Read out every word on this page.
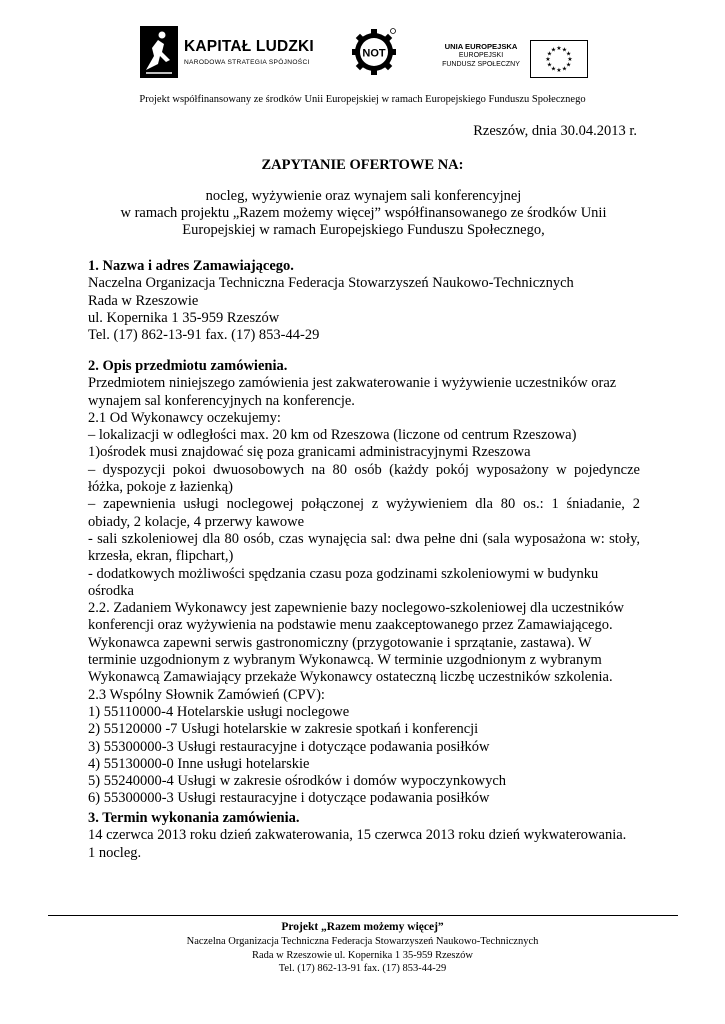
KAPITAŁ LUDZKI
NARODOWA STRATEGIA SPÓJNOŚCI
NOT
UNIA EUROPEJSKA
EUROPEJSKI
FUNDUSZ SPOŁECZNY
★ ★
★
★
★
★
★
★
★
★
★
★
Projekt współfinansowany ze środków Unii Europejskiej w ramach Europejskiego Funduszu Społecznego
Rzeszów, dnia 30.04.2013 r.
ZAPYTANIE OFERTOWE NA:
nocleg, wyżywienie oraz wynajem sali konferencyjnej
w ramach projektu „Razem możemy więcej” współfinansowanego ze środków Unii
Europejskiej w ramach Europejskiego Funduszu Społecznego,

1. Nazwa i adres Zamawiającego.

Naczelna Organizacja Techniczna Federacja Stowarzyszeń Naukowo-Technicznych

Rada w Rzeszowie

ul. Kopernika 1 35-959 Rzeszów

Tel. (17) 862-13-91 fax. (17) 853-44-29

2. Opis przedmiotu zamówienia.

Przedmiotem niniejszego zamówienia jest zakwaterowanie i wyżywienie uczestników oraz

wynajem sal konferencyjnych na konferencje.

2.1 Od Wykonawcy oczekujemy:

– lokalizacji w odległości max. 20 km od Rzeszowa (liczone od centrum Rzeszowa)

1)ośrodek musi znajdować się poza granicami administracyjnymi Rzeszowa

– dyspozycji pokoi dwuosobowych na 80 osób (każdy pokój wyposażony w pojedyncze

łóżka, pokoje z łazienką)

– zapewnienia usługi noclegowej połączonej z wyżywieniem dla 80 os.: 1 śniadanie, 2

obiady, 2 kolacje, 4 przerwy kawowe

- sali szkoleniowej dla 80 osób, czas wynajęcia sal: dwa pełne dni (sala wyposażona w: stoły,

krzesła, ekran, flipchart,)

- dodatkowych możliwości spędzania czasu poza godzinami szkoleniowymi w budynku

ośrodka

2.2. Zadaniem Wykonawcy jest zapewnienie bazy noclegowo-szkoleniowej dla uczestników

konferencji oraz wyżywienia na podstawie menu zaakceptowanego przez Zamawiającego.

Wykonawca zapewni serwis gastronomiczny (przygotowanie i sprzątanie, zastawa). W

terminie uzgodnionym z wybranym Wykonawcą. W terminie uzgodnionym z wybranym

Wykonawcą Zamawiający przekaże Wykonawcy ostateczną liczbę uczestników szkolenia.

2.3 Wspólny Słownik Zamówień (CPV):

1) 55110000-4 Hotelarskie usługi noclegowe

2) 55120000 -7 Usługi hotelarskie w zakresie spotkań i konferencji

3) 55300000-3 Usługi restauracyjne i dotyczące podawania posiłków

4) 55130000-0 Inne usługi hotelarskie

5) 55240000-4 Usługi w zakresie ośrodków i domów wypoczynkowych

6) 55300000-3 Usługi restauracyjne i dotyczące podawania posiłków

3. Termin wykonania zamówienia.

14 czerwca 2013 roku dzień zakwaterowania, 15 czerwca 2013 roku dzień wykwaterowania.

1 nocleg.

Projekt „Razem możemy więcej”
Naczelna Organizacja Techniczna Federacja Stowarzyszeń Naukowo-Technicznych
Rada w Rzeszowie ul. Kopernika 1 35-959 Rzeszów
Tel. (17) 862-13-91 fax. (17) 853-44-29
